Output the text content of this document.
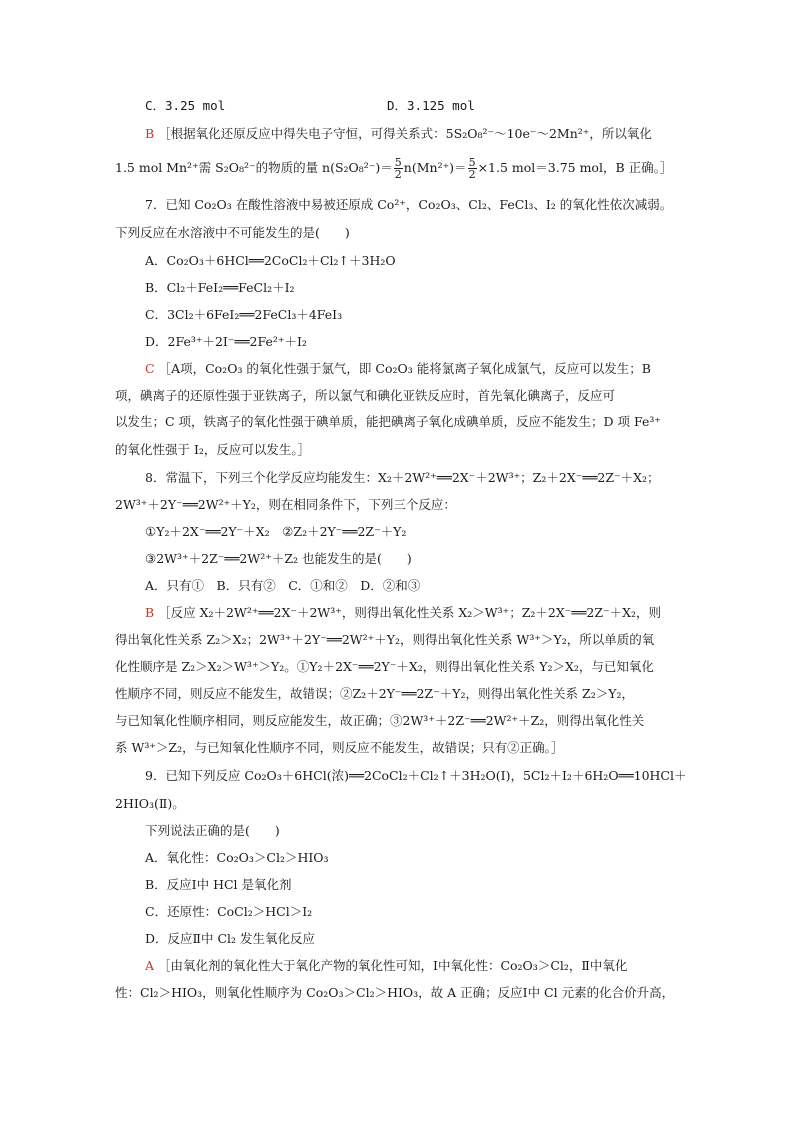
C．3.25 mol	D．3.125 mol
B ［根据氧化还原反应中得失电子守恒，可得关系式：5S₂O₈²⁻～10e⁻～2Mn²⁺，所以氧化
1.5 mol Mn²⁺需 S₂O₈²⁻的物质的量 $n(S_2O_8^{2-})= \frac{5}{2} n(Mn^{2+})= \frac{5}{2} \times 1.5$ mol＝3.75 mol，B 正确。］
7．已知 Co₂O₃ 在酸性溶液中易被还原成 Co²⁺，Co₂O₃、Cl₂、FeCl₃、I₂ 的氧化性依次减弱。
下列反应在水溶液中不可能发生的是(　　)
A．Co₂O₃＋6HCl══2CoCl₂＋Cl₂↑＋3H₂O
B．Cl₂＋FeI₂══FeCl₂＋I₂
C．3Cl₂＋6FeI₂══2FeCl₃＋4FeI₃
D．2Fe³⁺＋2I⁻══2Fe²⁺＋I₂
C ［A项，Co₂O₃ 的氧化性强于氯气，即 Co₂O₃ 能将氯离子氧化成氯气，反应可以发生；B
项，碘离子的还原性强于亚铁离子，所以氯气和碘化亚铁反应时，首先氧化碘离子，反应可
以发生；C 项，铁离子的氧化性强于碘单质，能把碘离子氧化成碘单质，反应不能发生；D 项 Fe³⁺
的氧化性强于 I₂，反应可以发生。］
8．常温下，下列三个化学反应均能发生：X₂＋2W²⁺══2X⁻＋2W³⁺；Z₂＋2X⁻══2Z⁻＋X₂；
2W³⁺＋2Y⁻══2W²⁺＋Y₂，则在相同条件下，下列三个反应：
①Y₂＋2X⁻══2Y⁻＋X₂　②Z₂＋2Y⁻══2Z⁻＋Y₂
③2W³⁺＋2Z⁻══2W²⁺＋Z₂ 也能发生的是(　　)
A．只有①　B．只有②　C．①和②　D．②和③
B ［反应 X₂＋2W²⁺══2X⁻＋2W³⁺，则得出氧化性关系 X₂＞W³⁺；Z₂＋2X⁻══2Z⁻＋X₂，则
得出氧化性关系 Z₂＞X₂；2W³⁺＋2Y⁻══2W²⁺＋Y₂，则得出氧化性关系 W³⁺＞Y₂，所以单质的氧
化性顺序是 Z₂＞X₂＞W³⁺＞Y₂。①Y₂＋2X⁻══2Y⁻＋X₂，则得出氧化性关系 Y₂＞X₂，与已知氧化
性顺序不同，则反应不能发生，故错误；②Z₂＋2Y⁻══2Z⁻＋Y₂，则得出氧化性关系 Z₂＞Y₂，
与已知氧化性顺序相同，则反应能发生，故正确；③2W³⁺＋2Z⁻══2W²⁺＋Z₂，则得出氧化性关
系 W³⁺＞Z₂，与已知氧化性顺序不同，则反应不能发生，故错误；只有②正确。］
9．已知下列反应 Co₂O₃＋6HCl(浓)══2CoCl₂＋Cl₂↑＋3H₂O(Ⅰ)，5Cl₂＋I₂＋6H₂O══10HCl＋
2HIO₃(Ⅱ)。
下列说法正确的是(　　)
A．氧化性：Co₂O₃＞Cl₂＞HIO₃
B．反应Ⅰ中 HCl 是氧化剂
C．还原性：CoCl₂＞HCl＞I₂
D．反应Ⅱ中 Cl₂ 发生氧化反应
A ［由氧化剂的氧化性大于氧化产物的氧化性可知，Ⅰ中氧化性：Co₂O₃＞Cl₂，Ⅱ中氧化
性：Cl₂＞HIO₃，则氧化性顺序为 Co₂O₃＞Cl₂＞HIO₃，故 A 正确；反应Ⅰ中 Cl 元素的化合价升高，
